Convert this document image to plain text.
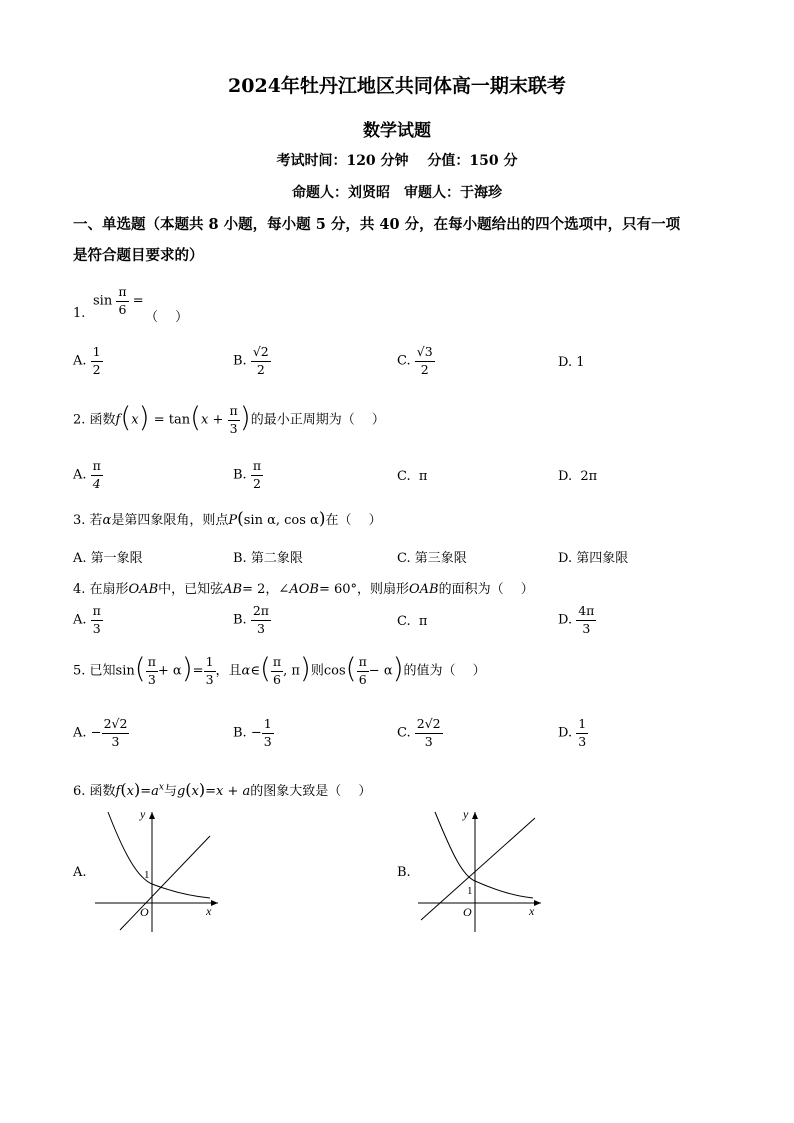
2024年牡丹江地区共同体高一期末联考
数学试题
考试时间：120 分钟　 分值：150 分
命题人：刘贤昭　审题人：于海珍
一、单选题（本题共 8 小题，每小题 5 分，共 40 分，在每小题给出的四个选项中，只有一项
是符合题目要求的）
$\sin \frac{\pi}{6}$ =
1.	（　 ）
A. $\frac{1}{2}$	B. $\frac{√2}{2}$	C. $\frac{√3}{2}$	D. 1
2. 函数$f(x) = \tan(x + \frac{\pi}{3}$ )的最小正周期为（　 ）
A. $\frac{\pi}{4}$	B. $\frac{\pi}{2}$	C. π	D. 2π
3. 若α是第四象限角，则点P(sin α, cos α)在（　 ）
A. 第一象限	B. 第二象限	C. 第三象限	D. 第四象限
4. 在扇形OAB中，已知弦AB= 2，∠AOB= 60°，则扇形OAB的面积为（　 ）
A. $\frac{\pi}{3}$	B. $\frac{2\pi}{3}$	C. π	D. $\frac{4\pi}{3}$
5. 已知$\sin( \frac{\pi}{3} + \alpha)= \frac{1}{3}$ ，且α∈( $\frac{\pi}{6}$ , π)则$\cos( \frac{\pi}{6} - \alpha)$的值为（　 ）
A. − $\frac{2√2}{3}$	B. − $\frac{1}{3}$	C. $\frac{2√2}{3}$	D. $\frac{1}{3}$
6. 函数$f(x)=a^x$与g(x)=x + a的图象大致是（　 ）
A.
y
x
O
1	B.
y
x
O
1
